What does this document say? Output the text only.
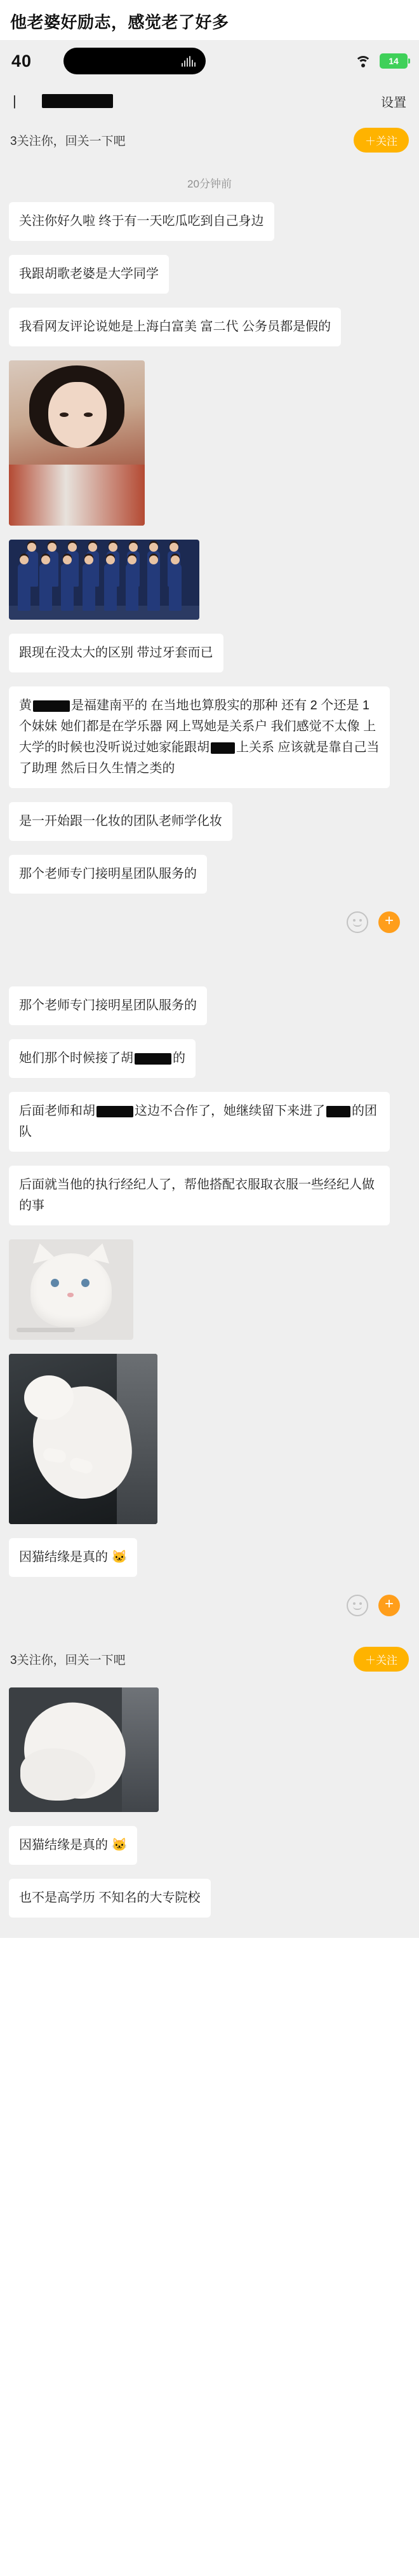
他老婆好励志，感觉老了好多
40	14
|	设置
3关注你，回关一下吧	＋关注
20分钟前
关注你好久啦 终于有一天吃瓜吃到自己身边
我跟胡歌老婆是大学同学
我看网友评论说她是上海白富美 富二代 公务员都是假的
跟现在没太大的区别 带过牙套而已
黄	是福建南平的 在当地也算殷实的那种 还有 2 个还是 1 个妹妹 她们都是在学乐器 网上骂她是关系户 我们感觉不太像 上大学的时候也没听说过她家能跟胡 上关系 应该就是靠自己当了助理 然后日久生情之类的
是一开始跟一化妆的团队老师学化妆
那个老师专门接明星团队服务的
+
那个老师专门接明星团队服务的
她们那个时候接了胡	的
后面老师和胡	这边不合作了，她继续留下来进了 的团队
后面就当他的执行经纪人了，帮他搭配衣服取衣服一些经纪人做的事
因猫结缘是真的 🐱
+
3关注你，回关一下吧	＋关注
因猫结缘是真的 🐱
也不是高学历 不知名的大专院校
